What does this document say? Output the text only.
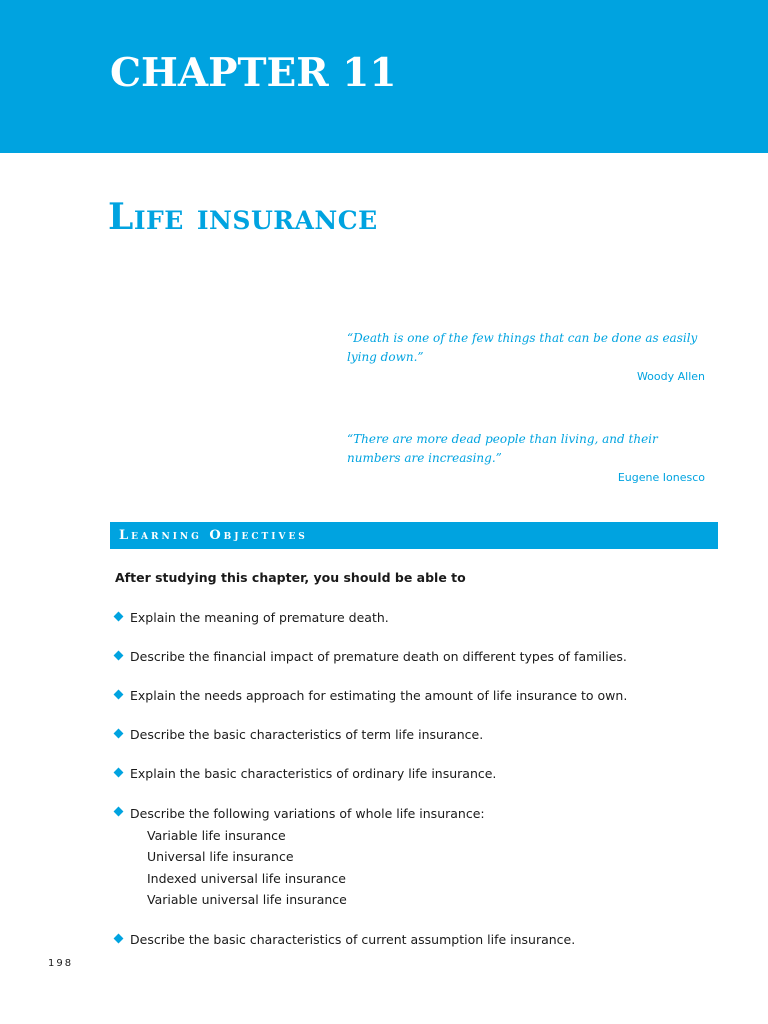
CHAPTER 11
Life insurance

“Death is one of the few things that can be done as easily lying down.”

Woody Allen

“There are more dead people than living, and their numbers are increasing.”

Eugene Ionesco

Learning Objectives

After studying this chapter, you should be able to

Explain the meaning of premature death.
Describe the financial impact of premature death on different types of families.
Explain the needs approach for estimating the amount of life insurance to own.
Describe the basic characteristics of term life insurance.
Explain the basic characteristics of ordinary life insurance.
Describe the following variations of whole life insurance:
Variable life insurance
Universal life insurance
Indexed universal life insurance
Variable universal life insurance
Describe the basic characteristics of current assumption life insurance.
198
